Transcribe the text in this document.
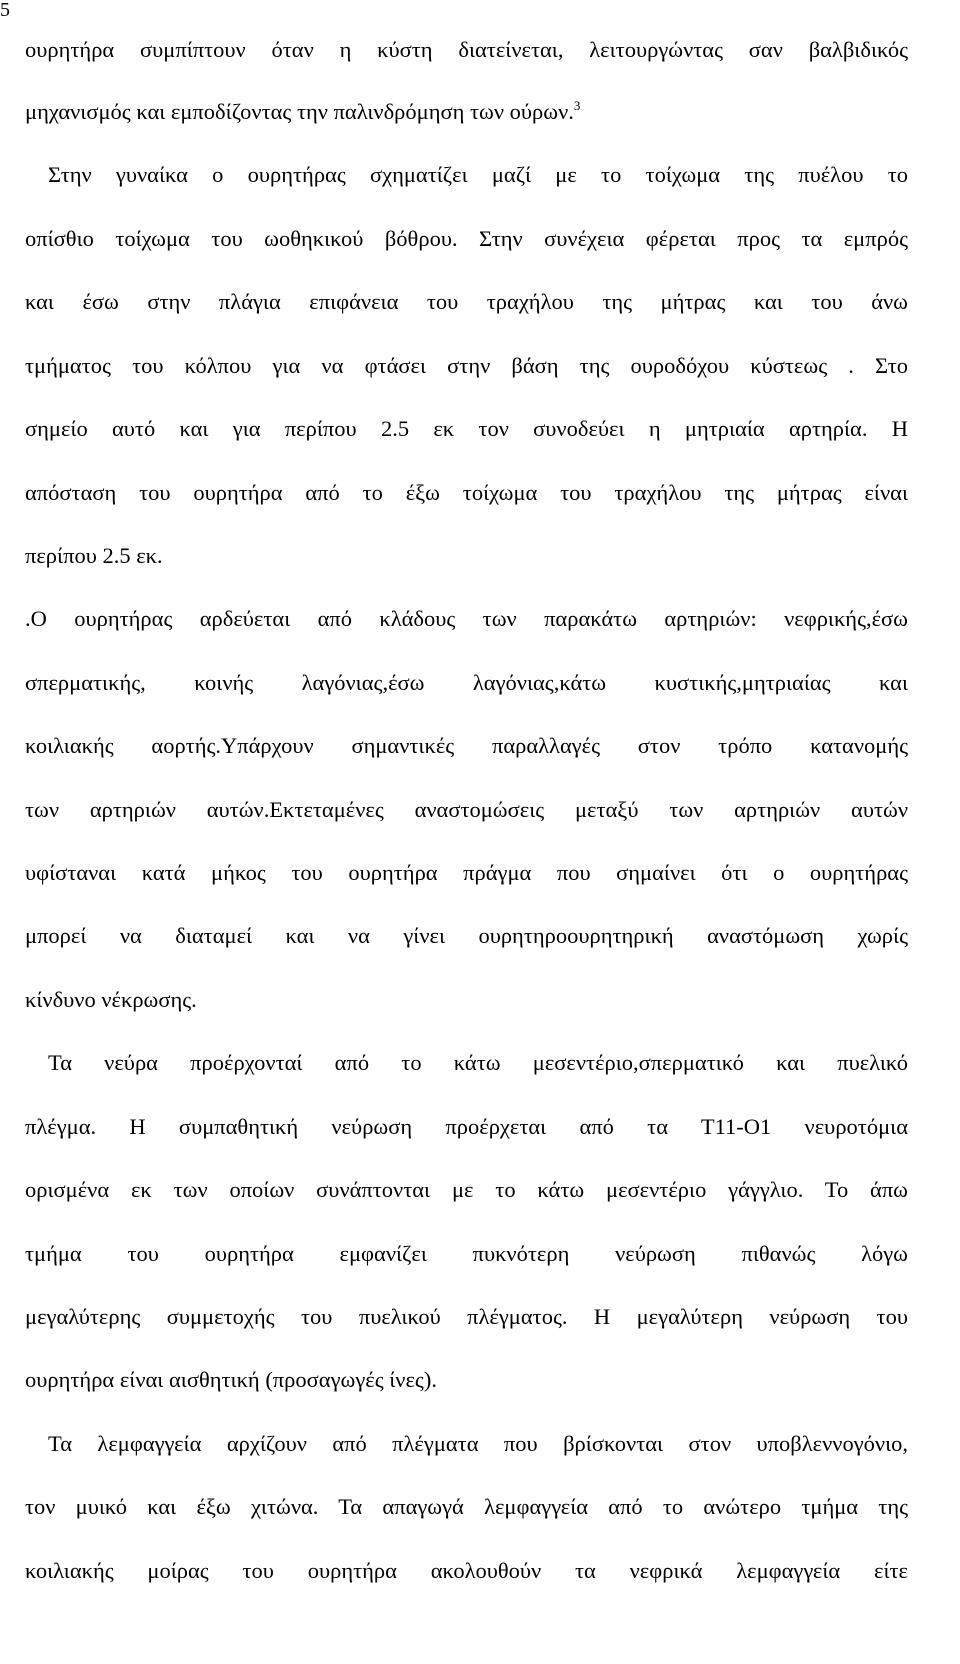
5
ουρητήρα συμπίπτουν όταν η κύστη διατείνεται, λειτουργώντας σαν βαλβιδικός
μηχανισμός και εμποδίζοντας την παλινδρόμηση των ούρων.$^3$
Στην γυναίκα ο ουρητήρας σχηματίζει μαζί με το τοίχωμα της πυέλου το
οπίσθιο τοίχωμα του ωοθηκικού βόθρου. Στην συνέχεια φέρεται προς τα εμπρός
και έσω στην πλάγια επιφάνεια του τραχήλου της μήτρας και του άνω
τμήματος του κόλπου για να φτάσει στην βάση της ουροδόχου κύστεως . Στο
σημείο αυτό και για περίπου 2.5 εκ τον συνοδεύει η μητριαία αρτηρία. Η
απόσταση του ουρητήρα από το έξω τοίχωμα του τραχήλου της μήτρας είναι
περίπου 2.5 εκ.
.Ο ουρητήρας αρδεύεται από κλάδους των παρακάτω αρτηριών: νεφρικής,έσω
σπερματικής, κοινής λαγόνιας,έσω λαγόνιας,κάτω κυστικής,μητριαίας και
κοιλιακής αορτής.Υπάρχουν σημαντικές παραλλαγές στον τρόπο κατανομής
των αρτηριών αυτών.Εκτεταμένες αναστομώσεις μεταξύ των αρτηριών αυτών
υφίσταναι κατά μήκος του ουρητήρα πράγμα που σημαίνει ότι ο ουρητήρας
μπορεί να διαταμεί και να γίνει ουρητηροουρητηρική αναστόμωση χωρίς
κίνδυνο νέκρωσης.
Τα νεύρα προέρχονταί από το κάτω μεσεντέριο,σπερματικό και πυελικό
πλέγμα. Η συμπαθητική νεύρωση προέρχεται από τα Τ11-Ο1 νευροτόμια
ορισμένα εκ των οποίων συνάπτονται με το κάτω μεσεντέριο γάγγλιο. Το άπω
τμήμα του ουρητήρα εμφανίζει πυκνότερη νεύρωση πιθανώς λόγω
μεγαλύτερης συμμετοχής του πυελικού πλέγματος. Η μεγαλύτερη νεύρωση του
ουρητήρα είναι αισθητική (προσαγωγές ίνες).
Τα λεμφαγγεία αρχίζουν από πλέγματα που βρίσκονται στον υποβλεννογόνιο,
τον μυικό και έξω χιτώνα. Τα απαγωγά λεμφαγγεία από το ανώτερο τμήμα της
κοιλιακής μοίρας του ουρητήρα ακολουθούν τα νεφρικά λεμφαγγεία είτε
